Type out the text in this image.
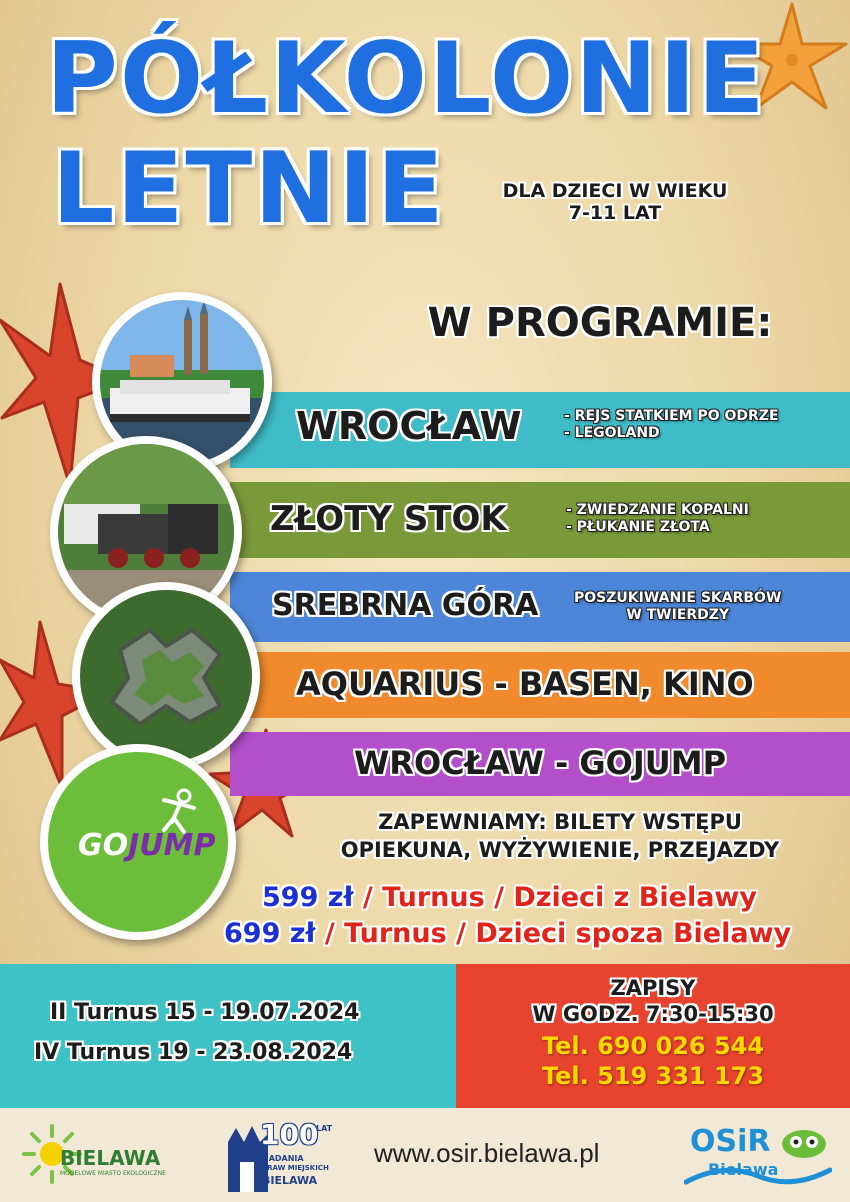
PÓŁKOLONIE
LETNIE	DLA DZIECI W WIEKU
7-11 LAT
W PROGRAMIE:
WROCŁAW	- REJS STATKIEM PO ODRZE
- LEGOLAND
ZŁOTY STOK	- ZWIEDZANIE KOPALNI
- PŁUKANIE ZŁOTA
SREBRNA GÓRA	POSZUKIWANIE SKARBÓW
W TWIERDZY
AQUARIUS - BASEN, KINO
WROCŁAW - GOJUMP
GOJUMP
ZAPEWNIAMY: BILETY WSTĘPU
OPIEKUNA, WYŻYWIENIE, PRZEJAZDY
599 zł / Turnus / Dzieci z Bielawy
699 zł / Turnus / Dzieci spoza Bielawy
II Turnus 15 - 19.07.2024
IV Turnus 19 - 23.08.2024
ZAPISY
W GODZ. 7:30-15:30
Tel. 690 026 544
Tel. 519 331 173
BIELAWA
MODELOWE MIASTO EKOLOGICZNE
100
LAT
NADANIA
PRAW MIEJSKICH
BIELAWA
www.osir.bielawa.pl	OSiR
Bielawa
